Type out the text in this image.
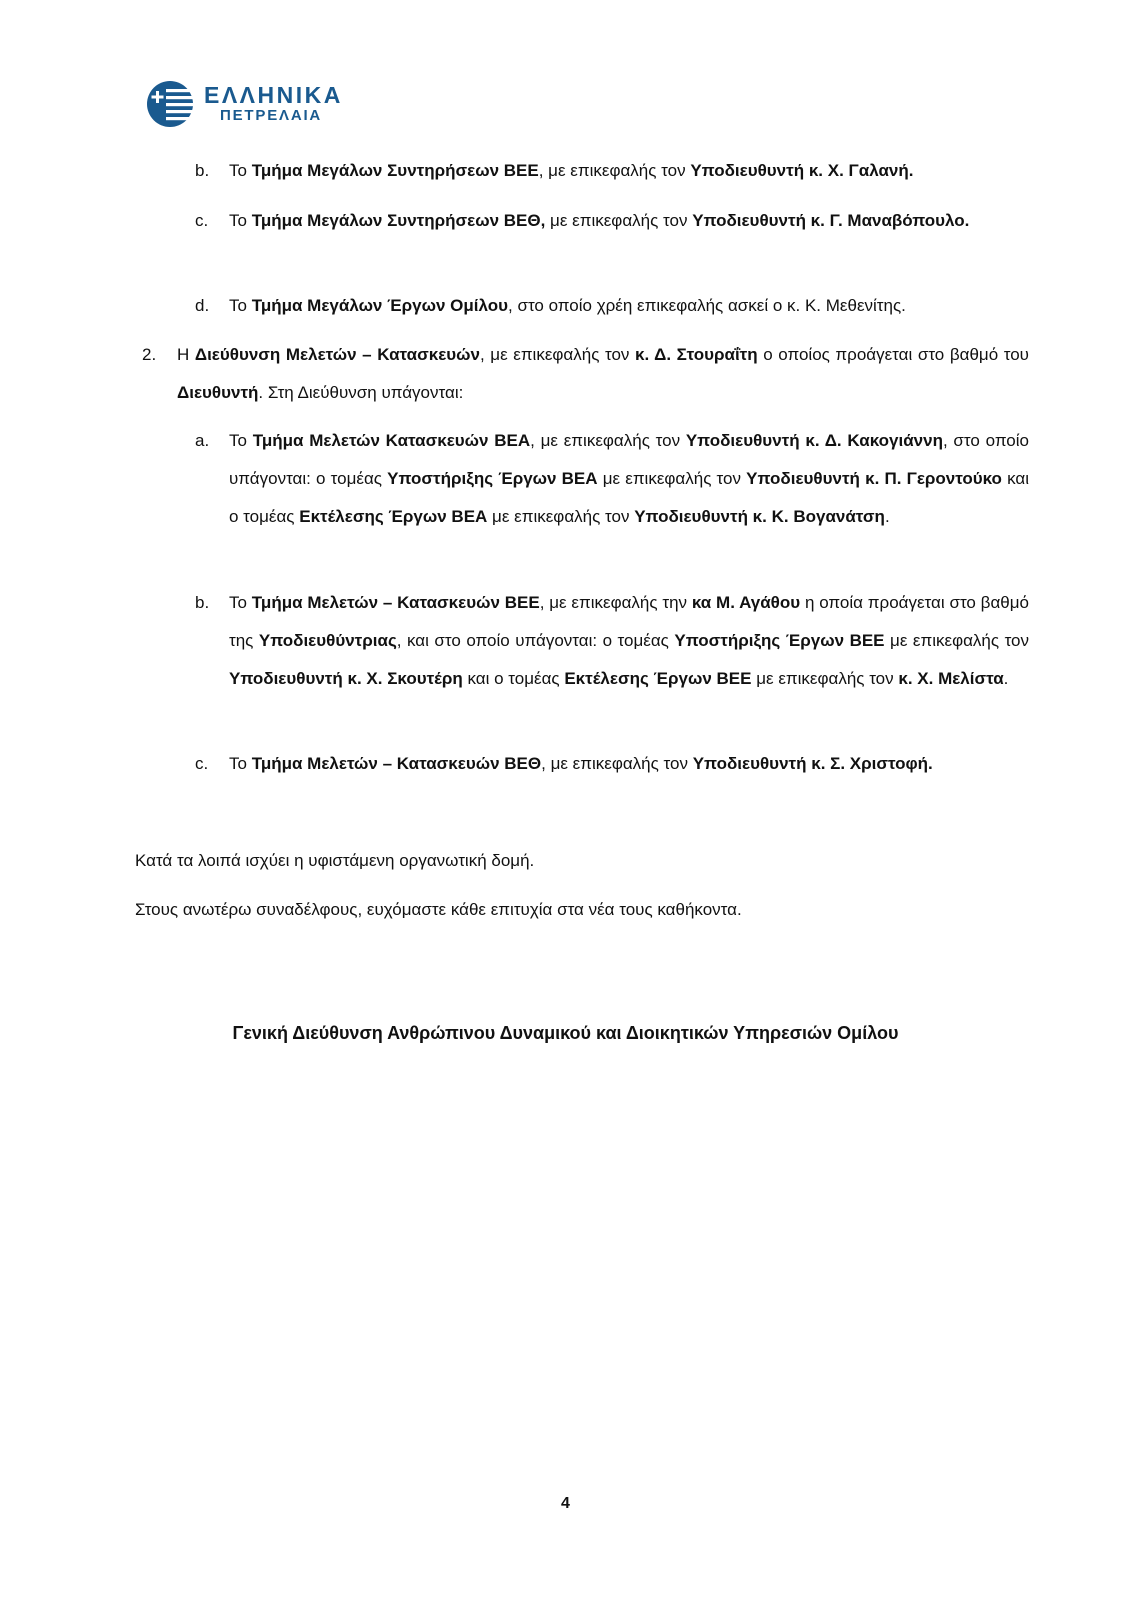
ΕΛΛΗΝΙΚΑ
ΠΕΤΡΕΛΑΙΑ
b. Το Τμήμα Μεγάλων Συντηρήσεων ΒΕΕ, με επικεφαλής τον Υποδιευθυντή κ. Χ. Γαλανή.
c. Το Τμήμα Μεγάλων Συντηρήσεων ΒΕΘ, με επικεφαλής τον Υποδιευθυντή κ. Γ. Μαναβόπουλο.
d. Το Τμήμα Μεγάλων Έργων Ομίλου, στο οποίο χρέη επικεφαλής ασκεί ο κ. Κ. Μεθενίτης.
2. Η Διεύθυνση Μελετών – Κατασκευών, με επικεφαλής τον κ. Δ. Στουραΐτη ο οποίος προάγεται στο βαθμό του Διευθυντή. Στη Διεύθυνση υπάγονται:
a. Το Τμήμα Μελετών Κατασκευών ΒΕΑ, με επικεφαλής τον Υποδιευθυντή κ. Δ. Κακογιάννη, στο οποίο υπάγονται: ο τομέας Υποστήριξης Έργων ΒΕΑ με επικεφαλής τον Υποδιευθυντή κ. Π. Γεροντούκο και ο τομέας Εκτέλεσης Έργων ΒΕΑ με επικεφαλής τον Υποδιευθυντή κ. Κ. Βογανάτση.
b. Το Τμήμα Μελετών – Κατασκευών ΒΕΕ, με επικεφαλής την κα Μ. Αγάθου η οποία προάγεται στο βαθμό της Υποδιευθύντριας, και στο οποίο υπάγονται: ο τομέας Υποστήριξης Έργων ΒΕΕ με επικεφαλής τον Υποδιευθυντή κ. Χ. Σκουτέρη και ο τομέας Εκτέλεσης Έργων ΒΕΕ με επικεφαλής τον κ. Χ. Μελίστα.
c. Το Τμήμα Μελετών – Κατασκευών ΒΕΘ, με επικεφαλής τον Υποδιευθυντή κ. Σ. Χριστοφή.
Κατά τα λοιπά ισχύει η υφιστάμενη οργανωτική δομή.
Στους ανωτέρω συναδέλφους, ευχόμαστε κάθε επιτυχία στα νέα τους καθήκοντα.
Γενική Διεύθυνση Ανθρώπινου Δυναμικού και Διοικητικών Υπηρεσιών Ομίλου
4
